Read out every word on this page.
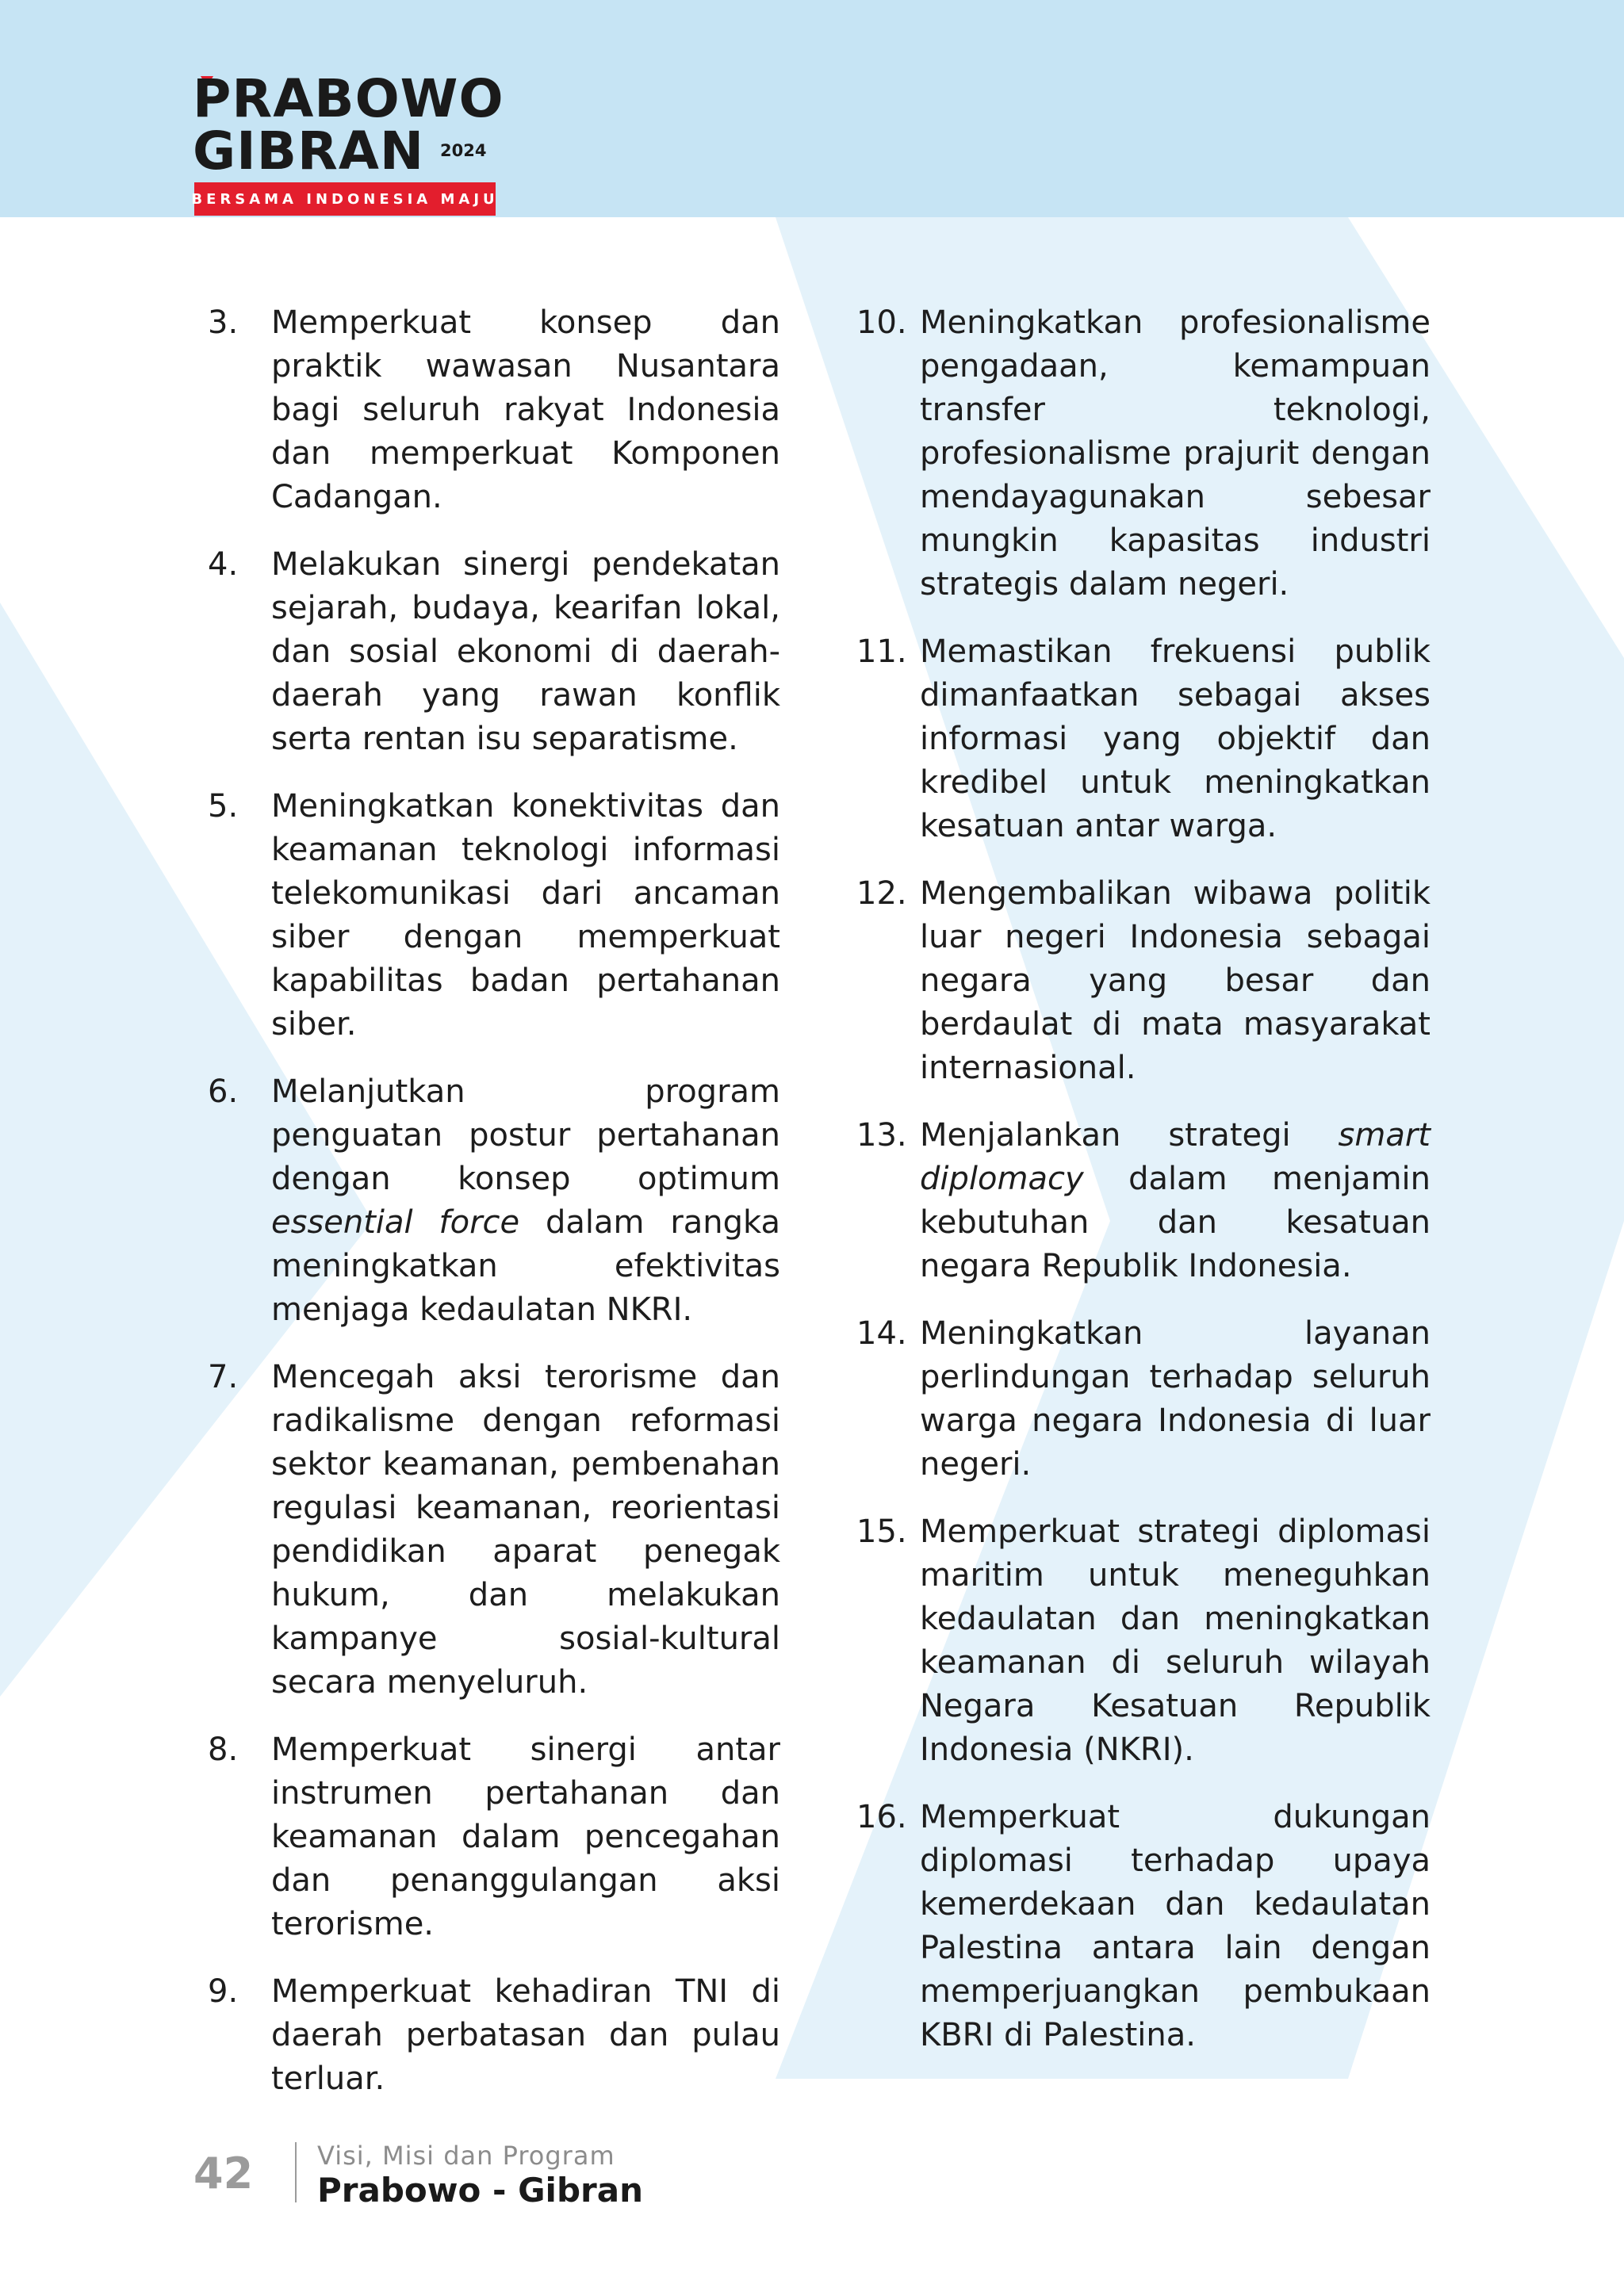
PRABOWO
GIBRAN 2024
BERSAMA INDONESIA MAJU
3.	Memperkuat konsep dan praktik wawasan Nusantara bagi seluruh rakyat Indonesia dan memperkuat Komponen Cadangan.
4.	Melakukan sinergi pendekatan sejarah, budaya, kearifan lokal, dan sosial ekonomi di daerah-daerah yang rawan konflik serta rentan isu separatisme.
5.	Meningkatkan konektivitas dan keamanan teknologi informasi telekomunikasi dari ancaman siber dengan memperkuat kapabilitas badan pertahanan siber.
6.	Melanjutkan program penguatan postur pertahanan dengan konsep optimum essential force dalam rangka meningkatkan efektivitas menjaga kedaulatan NKRI.
7.	Mencegah aksi terorisme dan radikalisme dengan reformasi sektor keamanan, pembenahan regulasi keamanan, reorientasi pendidikan aparat penegak hukum, dan melakukan kampanye sosial-kultural secara menyeluruh.
8.	Memperkuat sinergi antar instrumen pertahanan dan keamanan dalam pencegahan dan penanggulangan aksi terorisme.
9.	Memperkuat kehadiran TNI di daerah perbatasan dan pulau terluar.
10. Meningkatkan profesionalisme pengadaan, kemampuan transfer teknologi, profesionalisme prajurit dengan mendayagunakan sebesar mungkin kapasitas industri strategis dalam negeri.
11. Memastikan frekuensi publik dimanfaatkan sebagai akses informasi yang objektif dan kredibel untuk meningkatkan kesatuan antar warga.
12. Mengembalikan wibawa politik luar negeri Indonesia sebagai negara yang besar dan berdaulat di mata masyarakat internasional.
13. Menjalankan strategi smart diplomacy dalam menjamin kebutuhan dan kesatuan negara Republik Indonesia.
14. Meningkatkan layanan perlindungan terhadap seluruh warga negara Indonesia di luar negeri.
15. Memperkuat strategi diplomasi maritim untuk meneguhkan kedaulatan dan meningkatkan keamanan di seluruh wilayah Negara Kesatuan Republik Indonesia (NKRI).
16. Memperkuat dukungan diplomasi terhadap upaya kemerdekaan dan kedaulatan Palestina antara lain dengan memperjuangkan pembukaan KBRI di Palestina.
42	Visi, Misi dan Program
Prabowo - Gibran
